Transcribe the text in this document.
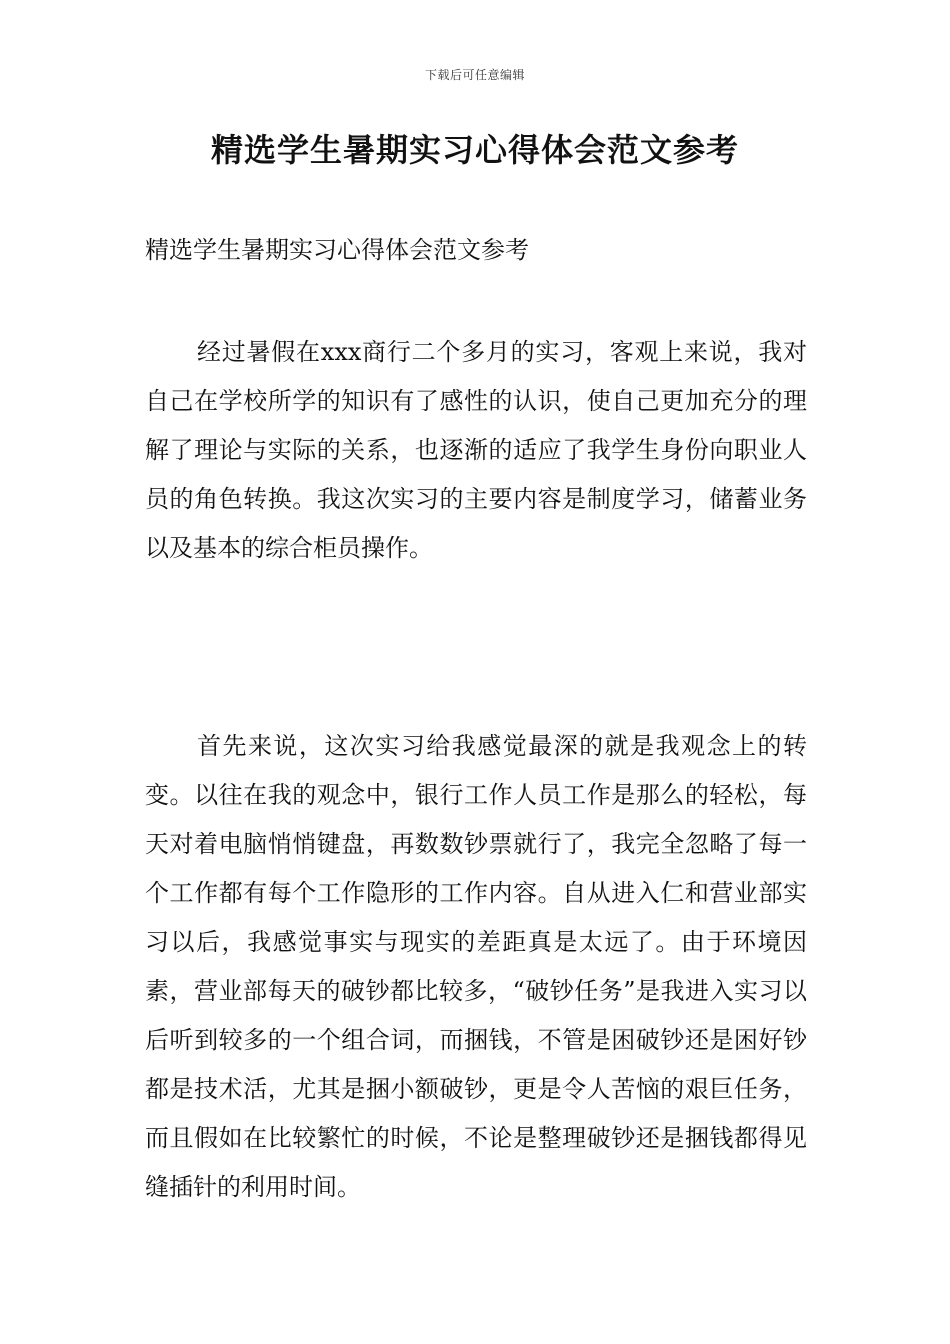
下载后可任意编辑
精选学生暑期实习心得体会范文参考
精选学生暑期实习心得体会范文参考

经过暑假在xxx商行二个多月的实习，客观上来说，我对自己在学校所学的知识有了感性的认识，使自己更加充分的理解了理论与实际的关系，也逐渐的适应了我学生身份向职业人员的角色转换。我这次实习的主要内容是制度学习，储蓄业务以及基本的综合柜员操作。

首先来说，这次实习给我感觉最深的就是我观念上的转变。以往在我的观念中，银行工作人员工作是那么的轻松，每天对着电脑悄悄键盘，再数数钞票就行了，我完全忽略了每一个工作都有每个工作隐形的工作内容。自从进入仁和营业部实习以后，我感觉事实与现实的差距真是太远了。由于环境因素，营业部每天的破钞都比较多，“破钞任务”是我进入实习以后听到较多的一个组合词，而捆钱，不管是困破钞还是困好钞都是技术活，尤其是捆小额破钞，更是令人苦恼的艰巨任务，而且假如在比较繁忙的时候，不论是整理破钞还是捆钱都得见缝插针的利用时间。
